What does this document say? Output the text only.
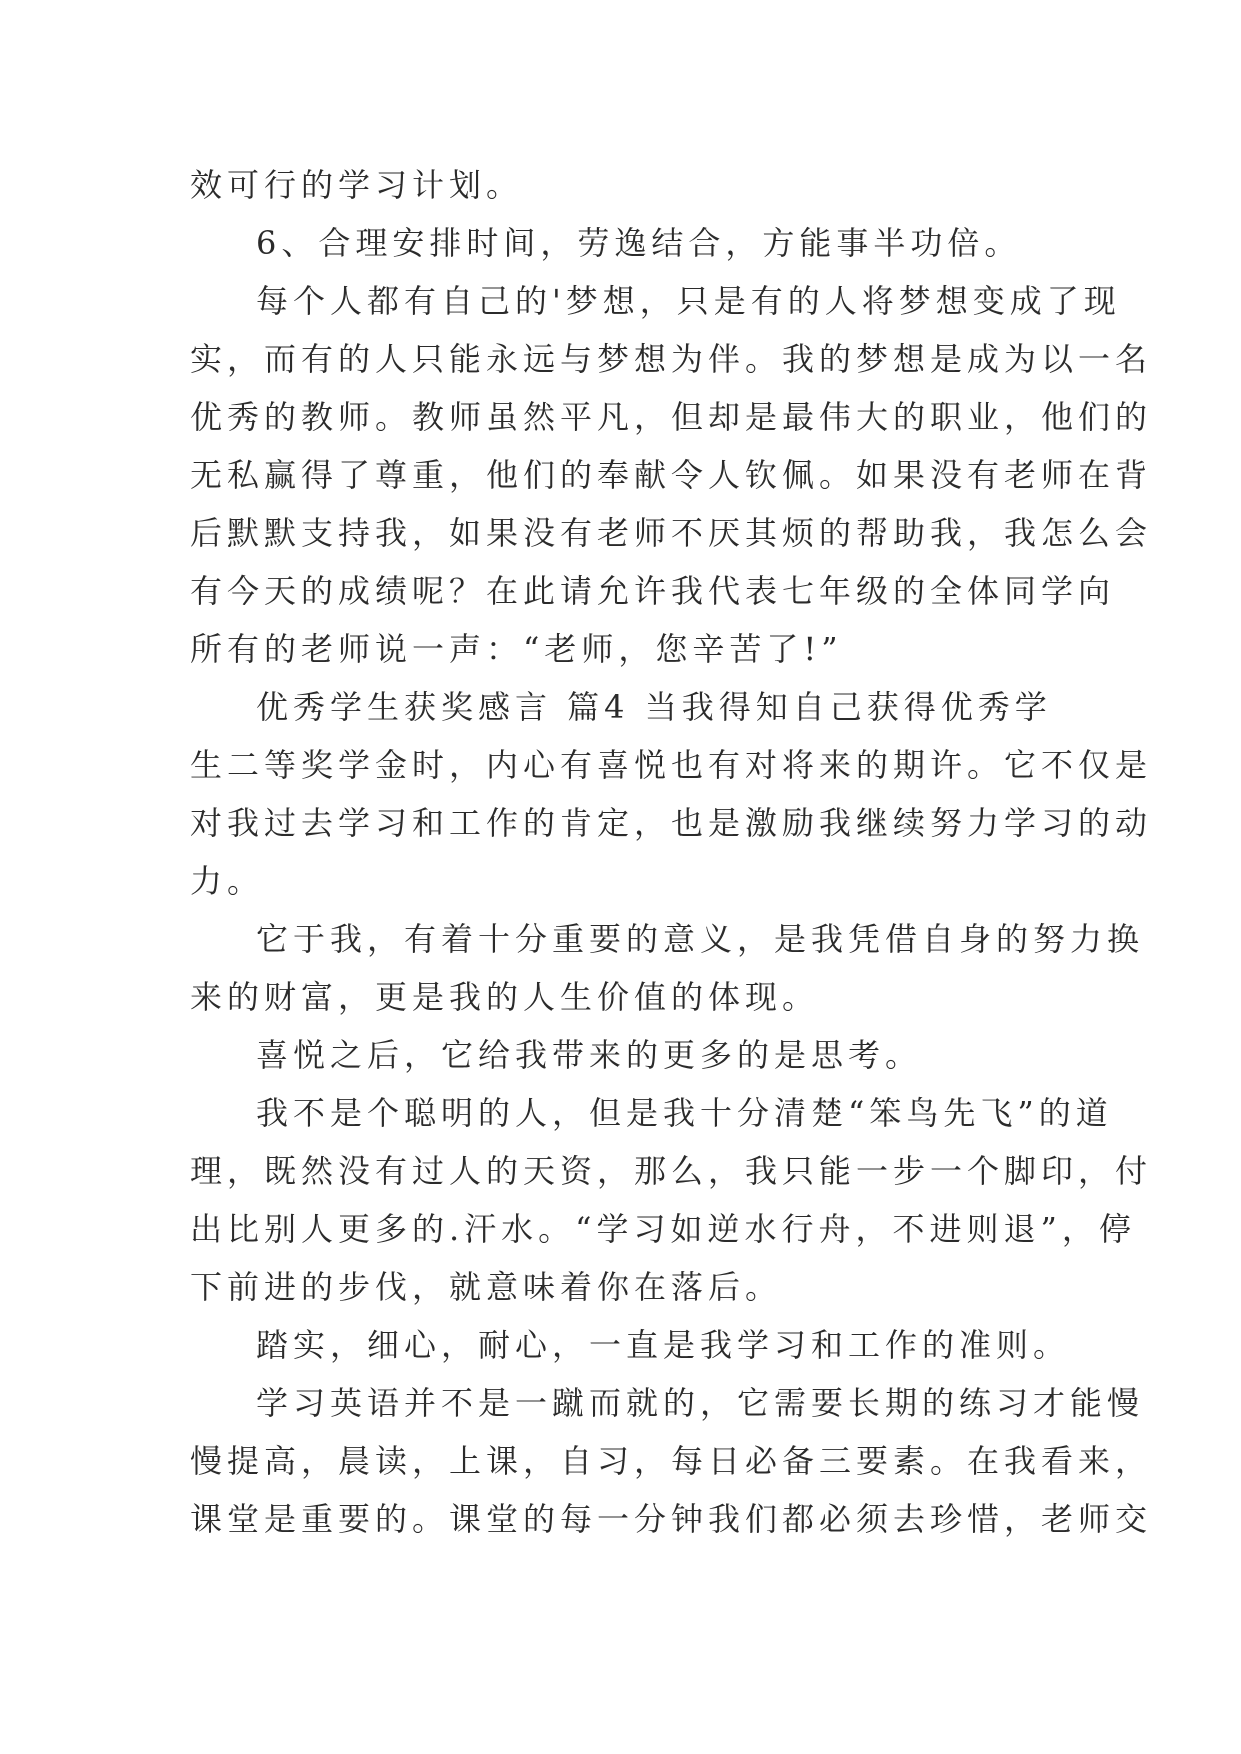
效可行的学习计划。
6、合理安排时间，劳逸结合，方能事半功倍。
每个人都有自己的'梦想，只是有的人将梦想变成了现
实，而有的人只能永远与梦想为伴。我的梦想是成为以一名
优秀的教师。教师虽然平凡，但却是最伟大的职业，他们的
无私赢得了尊重，他们的奉献令人钦佩。如果没有老师在背
后默默支持我，如果没有老师不厌其烦的帮助我，我怎么会
有今天的成绩呢？在此请允许我代表七年级的全体同学向
所有的老师说一声：“老师，您辛苦了!”
优秀学生获奖感言 篇4 当我得知自己获得优秀学
生二等奖学金时，内心有喜悦也有对将来的期许。它不仅是
对我过去学习和工作的肯定，也是激励我继续努力学习的动
力。
它于我，有着十分重要的意义，是我凭借自身的努力换
来的财富，更是我的人生价值的体现。
喜悦之后，它给我带来的更多的是思考。
我不是个聪明的人，但是我十分清楚“笨鸟先飞”的道
理，既然没有过人的天资，那么，我只能一步一个脚印，付
出比别人更多的.汗水。“学习如逆水行舟，不进则退”，停
下前进的步伐，就意味着你在落后。
踏实，细心，耐心，一直是我学习和工作的准则。
学习英语并不是一蹴而就的，它需要长期的练习才能慢
慢提高，晨读，上课，自习，每日必备三要素。在我看来，
课堂是重要的。课堂的每一分钟我们都必须去珍惜，老师交
